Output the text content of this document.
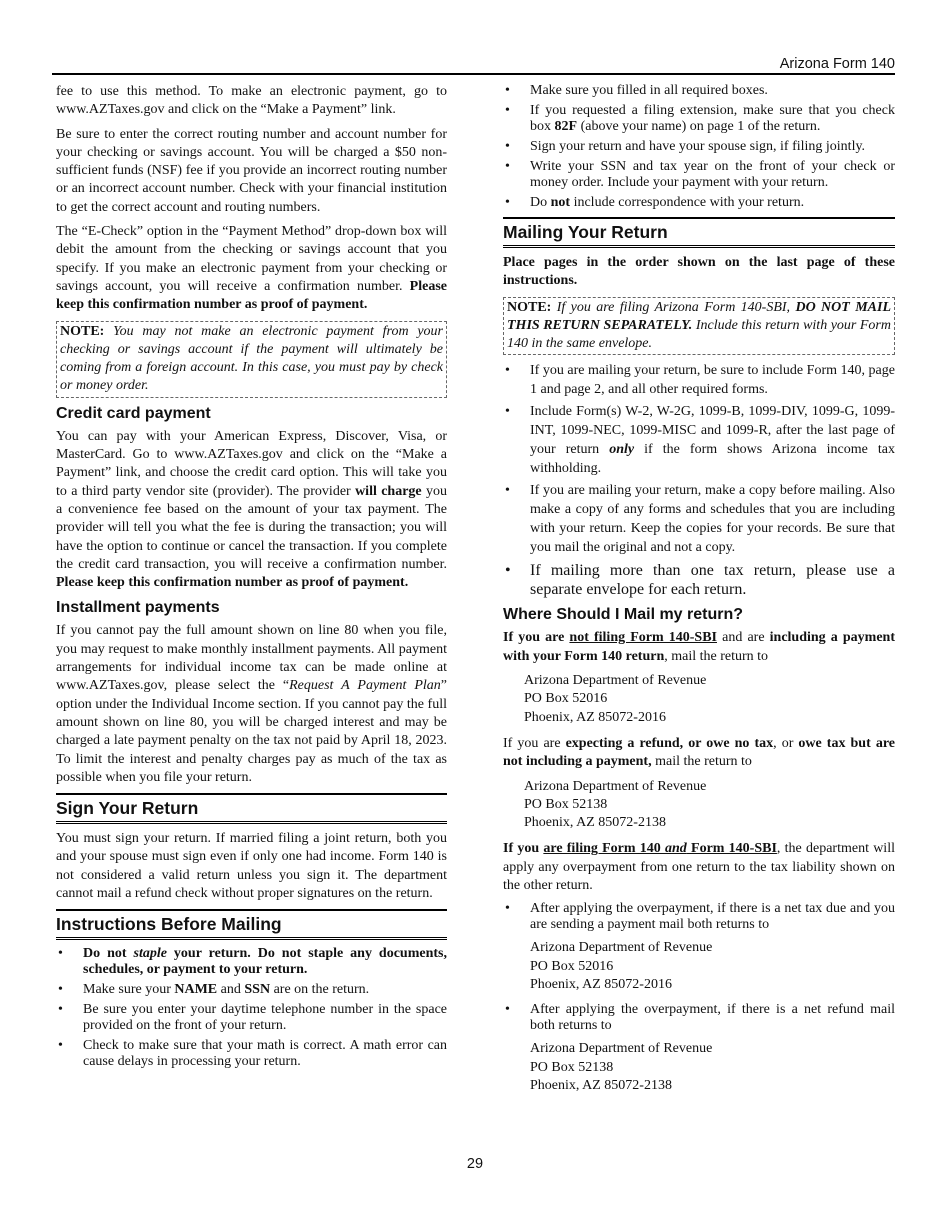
Arizona Form 140

fee to use this method. To make an electronic payment, go to www.AZTaxes.gov and click on the “Make a Payment” link.

Be sure to enter the correct routing number and account number for your checking or savings account. You will be charged a $50 non-sufficient funds (NSF) fee if you provide an incorrect routing number or an incorrect account number. Check with your financial institution to get the correct account and routing numbers.

The “E-Check” option in the “Payment Method” drop-down box will debit the amount from the checking or savings account that you specify. If you make an electronic payment from your checking or savings account, you will receive a confirmation number. Please keep this confirmation number as proof of payment.

NOTE: You may not make an electronic payment from your checking or savings account if the payment will ultimately be coming from a foreign account. In this case, you must pay by check or money order.
Credit card payment

You can pay with your American Express, Discover, Visa, or MasterCard. Go to www.AZTaxes.gov and click on the “Make a Payment” link, and choose the credit card option. This will take you to a third party vendor site (provider). The provider will charge you a convenience fee based on the amount of your tax payment. The provider will tell you what the fee is during the transaction; you will have the option to continue or cancel the transaction. If you complete the credit card transaction, you will receive a confirmation number. Please keep this confirmation number as proof of payment.

Installment payments

If you cannot pay the full amount shown on line 80 when you file, you may request to make monthly installment payments. All payment arrangements for individual income tax can be made online at www.AZTaxes.gov, please select the “Request A Payment Plan” option under the Individual Income section. If you cannot pay the full amount shown on line 80, you will be charged interest and may be charged a late payment penalty on the tax not paid by April 18, 2023. To limit the interest and penalty charges pay as much of the tax as possible when you file your return.

Sign Your Return

You must sign your return. If married filing a joint return, both you and your spouse must sign even if only one had income. Form 140 is not considered a valid return unless you sign it. The department cannot mail a refund check without proper signatures on the return.

Instructions Before Mailing
• Do not staple your return. Do not staple any documents, schedules, or payment to your return.
• Make sure your NAME and SSN are on the return.
• Be sure you enter your daytime telephone number in the space provided on the front of your return.
• Check to make sure that your math is correct. A math error can cause delays in processing your return.
• Make sure you filled in all required boxes.
• If you requested a filing extension, make sure that you check box 82F (above your name) on page 1 of the return.
• Sign your return and have your spouse sign, if filing jointly.
• Write your SSN and tax year on the front of your check or money order. Include your payment with your return.
• Do not include correspondence with your return.
Mailing Your Return

Place pages in the order shown on the last page of these instructions.

NOTE: If you are filing Arizona Form 140-SBI, DO NOT MAIL THIS RETURN SEPARATELY. Include this return with your Form 140 in the same envelope.
• If you are mailing your return, be sure to include Form 140, page 1 and page 2, and all other required forms.
• Include Form(s) W-2, W-2G, 1099-B, 1099-DIV, 1099-G, 1099-INT, 1099-NEC, 1099-MISC and 1099-R, after the last page of your return only if the form shows Arizona income tax withholding.
• If you are mailing your return, make a copy before mailing. Also make a copy of any forms and schedules that you are including with your return. Keep the copies for your records. Be sure that you mail the original and not a copy.
• If mailing more than one tax return, please use a separate envelope for each return.
Where Should I Mail my return?

If you are not filing Form 140-SBI and are including a payment with your Form 140 return, mail the return to

Arizona Department of Revenue
PO Box 52016
Phoenix, AZ 85072-2016

If you are expecting a refund, or owe no tax, or owe tax but are not including a payment, mail the return to

Arizona Department of Revenue
PO Box 52138
Phoenix, AZ 85072-2138

If you are filing Form 140 and Form 140-SBI, the department will apply any overpayment from one return to the tax liability shown on the other return.

• After applying the overpayment, if there is a net tax due and you are sending a payment mail both returns to
Arizona Department of Revenue
PO Box 52016
Phoenix, AZ 85072-2016
• After applying the overpayment, if there is a net refund mail both returns to
Arizona Department of Revenue
PO Box 52138
Phoenix, AZ 85072-2138
29
